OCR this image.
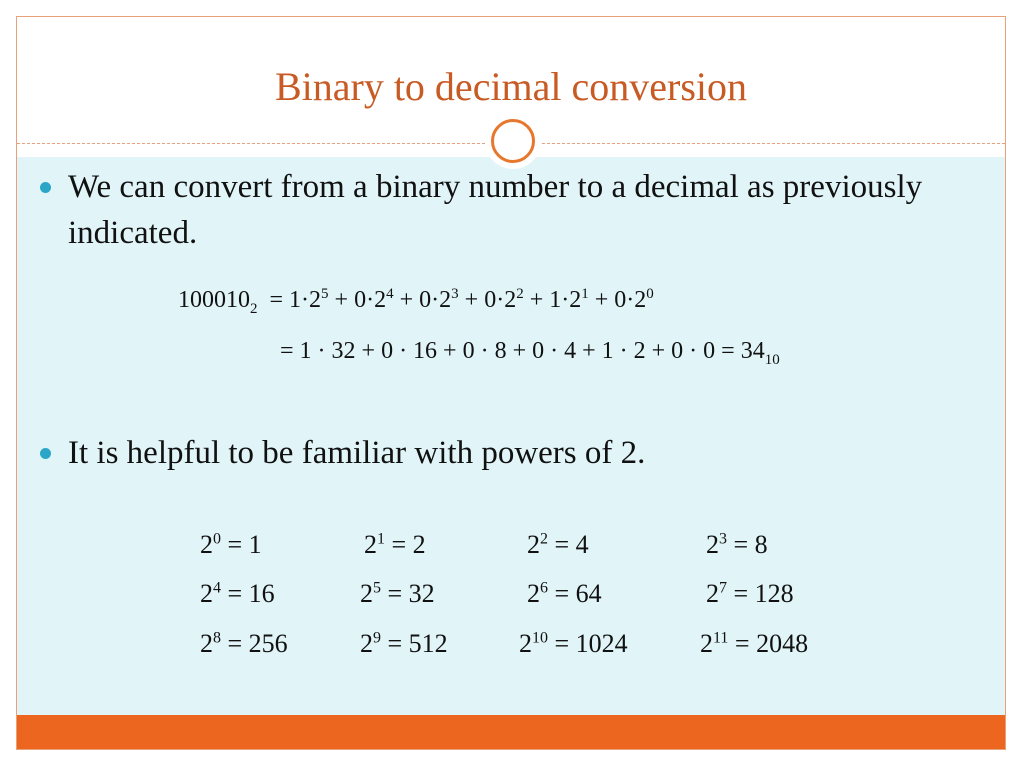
Binary to decimal conversion
We can convert from a binary number to a decimal as previously indicated.
$100010_2 = 1\cdot 2^5 + 0\cdot 2^4 + 0\cdot 2^3 + 0\cdot 2^2 + 1\cdot 2^1 + 0\cdot 2^0$
= $1 \cdot 32 + 0 \cdot 16 + 0 \cdot 8 + 0 \cdot 4 + 1 \cdot 2 + 0 \cdot 0 = 34_{10}$
It is helpful to be familiar with powers of 2.
$2^0 = 1$	$2^1 = 2$	$2^2 = 4$	$2^3 = 8$
$2^4 = 16$	$2^5 = 32$	$2^6 = 64$	$2^7 = 128$
$2^8 = 256$	$2^9 = 512$	$2^{10} = 1024$	$2^{11} = 2048$
